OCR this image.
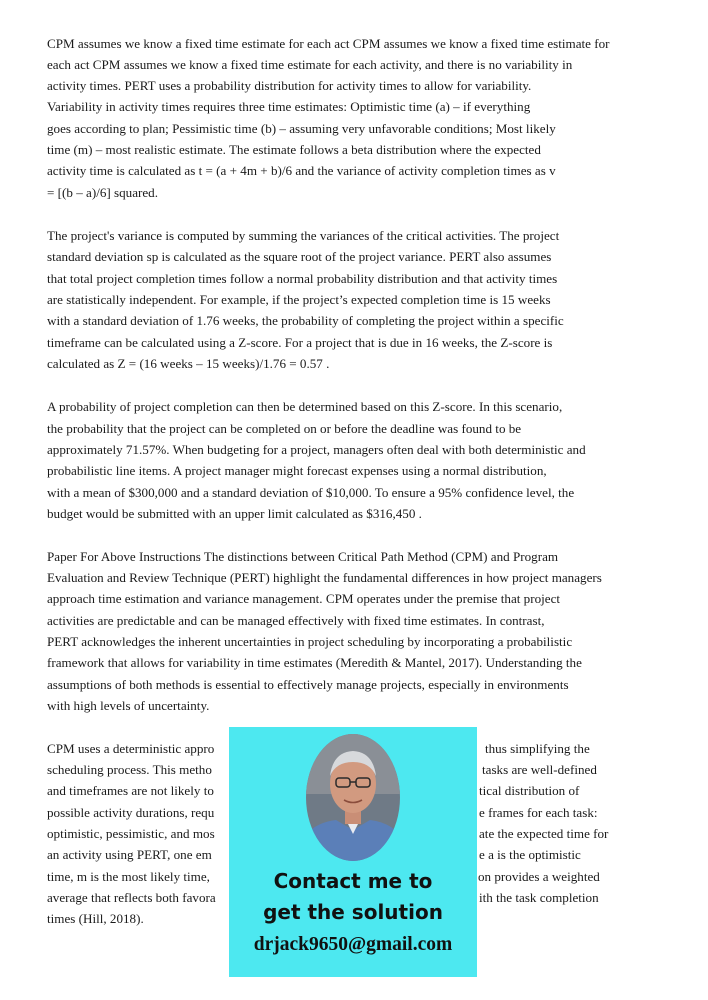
CPM assumes we know a fixed time estimate for each act CPM assumes we know a fixed time estimate for
each act CPM assumes we know a fixed time estimate for each activity, and there is no variability in
activity times. PERT uses a probability distribution for activity times to allow for variability.
Variability in activity times requires three time estimates: Optimistic time (a) – if everything
goes according to plan; Pessimistic time (b) – assuming very unfavorable conditions; Most likely
time (m) – most realistic estimate. The estimate follows a beta distribution where the expected
activity time is calculated as t = (a + 4m + b)/6 and the variance of activity completion times as v
= [(b – a)/6] squared.
The project's variance is computed by summing the variances of the critical activities. The project
standard deviation sp is calculated as the square root of the project variance. PERT also assumes
that total project completion times follow a normal probability distribution and that activity times
are statistically independent. For example, if the project’s expected completion time is 15 weeks
with a standard deviation of 1.76 weeks, the probability of completing the project within a specific
timeframe can be calculated using a Z-score. For a project that is due in 16 weeks, the Z-score is
calculated as Z = (16 weeks – 15 weeks)/1.76 = 0.57 .
A probability of project completion can then be determined based on this Z-score. In this scenario,
the probability that the project can be completed on or before the deadline was found to be
approximately 71.57%. When budgeting for a project, managers often deal with both deterministic and
probabilistic line items. A project manager might forecast expenses using a normal distribution,
with a mean of $300,000 and a standard deviation of $10,000. To ensure a 95% confidence level, the
budget would be submitted with an upper limit calculated as $316,450 .
Paper For Above Instructions The distinctions between Critical Path Method (CPM) and Program
Evaluation and Review Technique (PERT) highlight the fundamental differences in how project managers
approach time estimation and variance management. CPM operates under the premise that project
activities are predictable and can be managed effectively with fixed time estimates. In contrast,
PERT acknowledges the inherent uncertainties in project scheduling by incorporating a probabilistic
framework that allows for variability in time estimates (Meredith & Mantel, 2017). Understanding the
assumptions of both methods is essential to effectively manage projects, especially in environments
with high levels of uncertainty.
CPM uses a deterministic appro	thus simplifying the
scheduling process. This metho	tasks are well-defined
and timeframes are not likely to	tical distribution of
possible activity durations, requ	e frames for each task:
optimistic, pessimistic, and mos	ate the expected time for
an activity using PERT, one em	e a is the optimistic
time, m is the most likely time,	on provides a weighted
average that reflects both favora	ith the task completion
times (Hill, 2018).
Contact me to
get the solution
drjack9650@gmail.com
